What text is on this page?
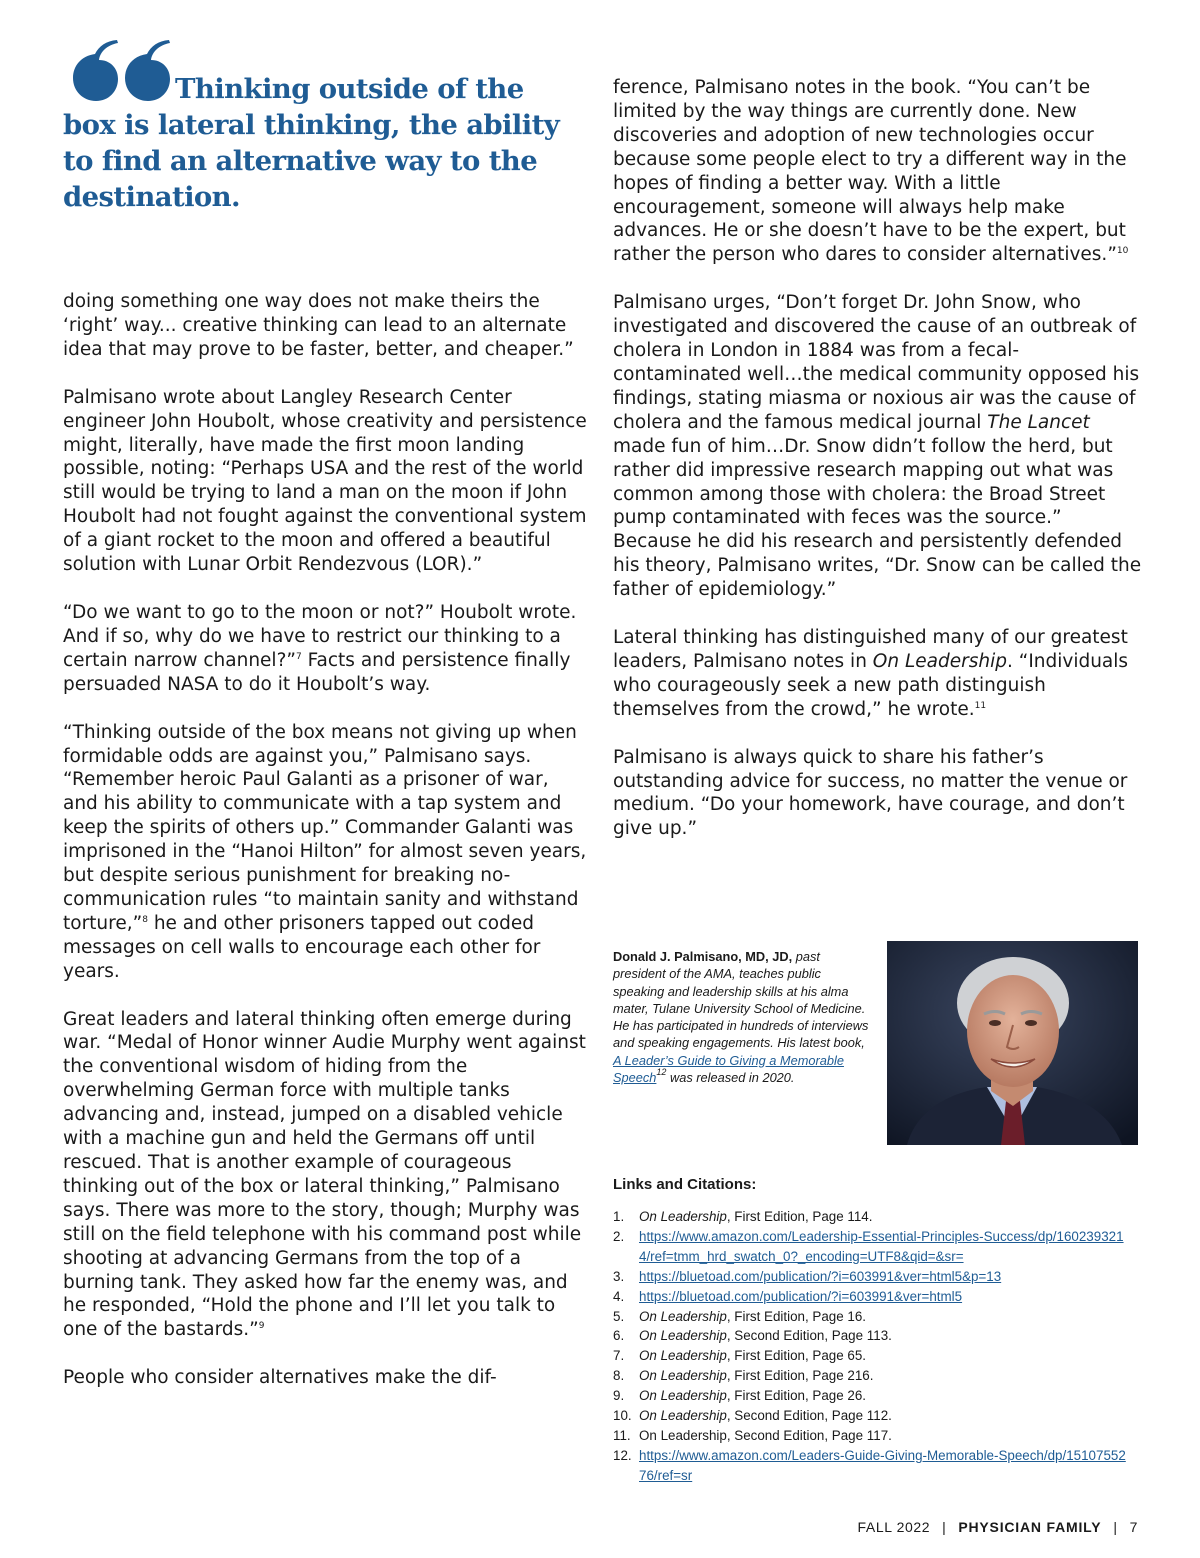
Thinking outside of the box is lateral thinking, the ability to find an alternative way to the destination.

doing something one way does not make theirs the ‘right’ way... creative thinking can lead to an alternate idea that may prove to be faster, better, and cheaper.”

Palmisano wrote about Langley Research Center engineer John Houbolt, whose creativity and persistence might, literally, have made the first moon landing possible, noting: “Perhaps USA and the rest of the world still would be trying to land a man on the moon if John Houbolt had not fought against the conventional system of a giant rocket to the moon and offered a beautiful solution with Lunar Orbit Rendezvous (LOR).”

“Do we want to go to the moon or not?” Houbolt wrote. And if so, why do we have to restrict our thinking to a certain narrow channel?”$^7$ Facts and persistence finally persuaded NASA to do it Houbolt’s way.

“Thinking outside of the box means not giving up when formidable odds are against you,” Palmisano says. “Remember heroic Paul Galanti as a prisoner of war, and his ability to communicate with a tap system and keep the spirits of others up.” Commander Galanti was imprisoned in the “Hanoi Hilton” for almost seven years, but despite serious punishment for breaking no-communication rules “to maintain sanity and withstand torture,”$^8$ he and other prisoners tapped out coded messages on cell walls to encourage each other for years.

Great leaders and lateral thinking often emerge during war. “Medal of Honor winner Audie Murphy went against the conventional wisdom of hiding from the overwhelming German force with multiple tanks advancing and, instead, jumped on a disabled vehicle with a machine gun and held the Germans off until rescued. That is another example of courageous thinking out of the box or lateral thinking,” Palmisano says. There was more to the story, though; Murphy was still on the field telephone with his command post while shooting at advancing Germans from the top of a burning tank. They asked how far the enemy was, and he responded, “Hold the phone and I’ll let you talk to one of the bastards.”$^9$

People who consider alternatives make the dif-

ference, Palmisano notes in the book. “You can’t be limited by the way things are currently done. New discoveries and adoption of new technologies occur because some people elect to try a different way in the hopes of finding a better way. With a little encouragement, someone will always help make advances. He or she doesn’t have to be the expert, but rather the person who dares to consider alternatives.”$^{10}$

Palmisano urges, “Don’t forget Dr. John Snow, who investigated and discovered the cause of an outbreak of cholera in London in 1884 was from a fecal-contaminated well…the medical community opposed his findings, stating miasma or noxious air was the cause of cholera and the famous medical journal The Lancet made fun of him…Dr. Snow didn’t follow the herd, but rather did impressive research mapping out what was common among those with cholera: the Broad Street pump contaminated with feces was the source.” Because he did his research and persistently defended his theory, Palmisano writes, “Dr. Snow can be called the father of epidemiology.”

Lateral thinking has distinguished many of our greatest leaders, Palmisano notes in On Leadership. “Individuals who courageously seek a new path distinguish themselves from the crowd,” he wrote.$^{11}$

Palmisano is always quick to share his father’s outstanding advice for success, no matter the venue or medium. “Do your homework, have courage, and don’t give up.”

Donald J. Palmisano, MD, JD, past president of the AMA, teaches public speaking and leadership skills at his alma mater, Tulane University School of Medicine. He has participated in hundreds of interviews and speaking engagements. His latest book, A Leader’s Guide to Giving a Memorable Speech$^{12}$ was released in 2020.
Links and Citations:
1. On Leadership, First Edition, Page 114.
2. https://www.amazon.com/Leadership-Essential-Principles-Success/dp/1602393214/ref=tmm_hrd_swatch_0?_encoding=UTF8&qid=&sr=
3. https://bluetoad.com/publication/?i=603991&ver=html5&p=13
4. https://bluetoad.com/publication/?i=603991&ver=html5
5. On Leadership, First Edition, Page 16.
6. On Leadership, Second Edition, Page 113.
7. On Leadership, First Edition, Page 65.
8. On Leadership, First Edition, Page 216.
9. On Leadership, First Edition, Page 26.
10. On Leadership, Second Edition, Page 112.
11. On Leadership, Second Edition, Page 117.
12. https://www.amazon.com/Leaders-Guide-Giving-Memorable-Speech/dp/1510755276/ref=sr
FALL 2022 | PHYSICIAN FAMILY | 7
